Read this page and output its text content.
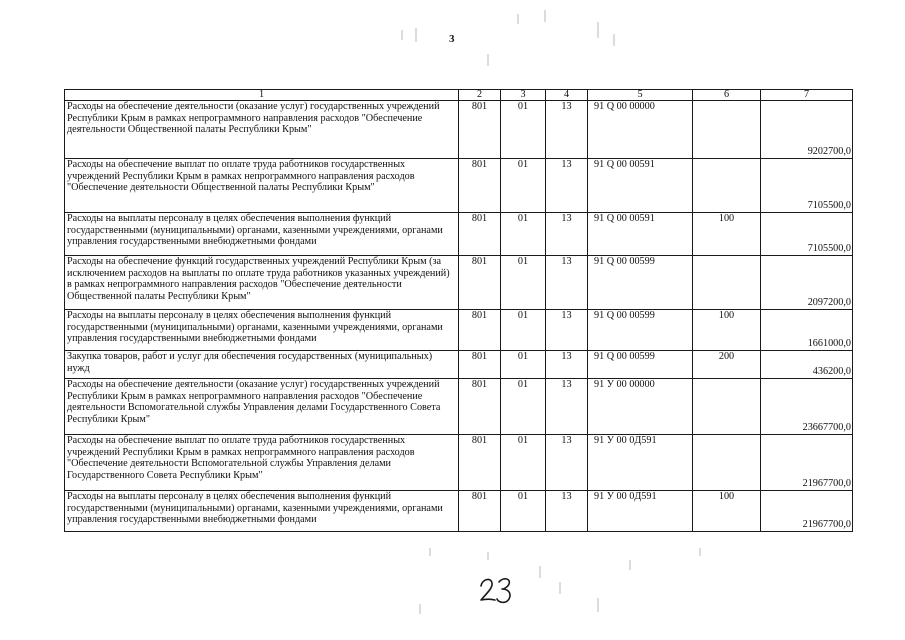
3
1	2	3	4	5	6	7
Расходы на обеспечение деятельности (оказание услуг) государственных учреждений Республики Крым в рамках непрограммного направления расходов "Обеспечение деятельности Общественной палаты Республики Крым"	801	01	13	91 Q 00 00000		9202700,0
Расходы на обеспечение выплат по оплате труда работников государственных учреждений Республики Крым в рамках непрограммного направления расходов "Обеспечение деятельности Общественной палаты Республики Крым"	801	01	13	91 Q 00 00591		7105500,0
Расходы на выплаты персоналу в целях обеспечения выполнения функций государственными (муниципальными) органами, казенными учреждениями, органами управления государственными внебюджетными фондами	801	01	13	91 Q 00 00591	100	7105500,0
Расходы на обеспечение функций государственных учреждений Республики Крым (за исключением расходов на выплаты по оплате труда работников указанных учреждений) в рамках непрограммного направления расходов "Обеспечение деятельности Общественной палаты Республики Крым"	801	01	13	91 Q 00 00599		2097200,0
Расходы на выплаты персоналу в целях обеспечения выполнения функций государственными (муниципальными) органами, казенными учреждениями, органами управления государственными внебюджетными фондами	801	01	13	91 Q 00 00599	100	1661000,0
Закупка товаров, работ и услуг для обеспечения государственных (муниципальных) нужд	801	01	13	91 Q 00 00599	200	436200,0
Расходы на обеспечение деятельности (оказание услуг) государственных учреждений Республики Крым в рамках непрограммного направления расходов "Обеспечение деятельности Вспомогательной службы Управления делами Государственного Совета Республики Крым"	801	01	13	91 У 00 00000		23667700,0
Расходы на обеспечение выплат по оплате труда работников государственных учреждений Республики Крым в рамках непрограммного направления расходов "Обеспечение деятельности Вспомогательной службы Управления делами Государственного Совета Республики Крым"	801	01	13	91 У 00 0Д591		21967700,0
Расходы на выплаты персоналу в целях обеспечения выполнения функций государственными (муниципальными) органами, казенными учреждениями, органами управления государственными внебюджетными фондами	801	01	13	91 У 00 0Д591	100	21967700,0
